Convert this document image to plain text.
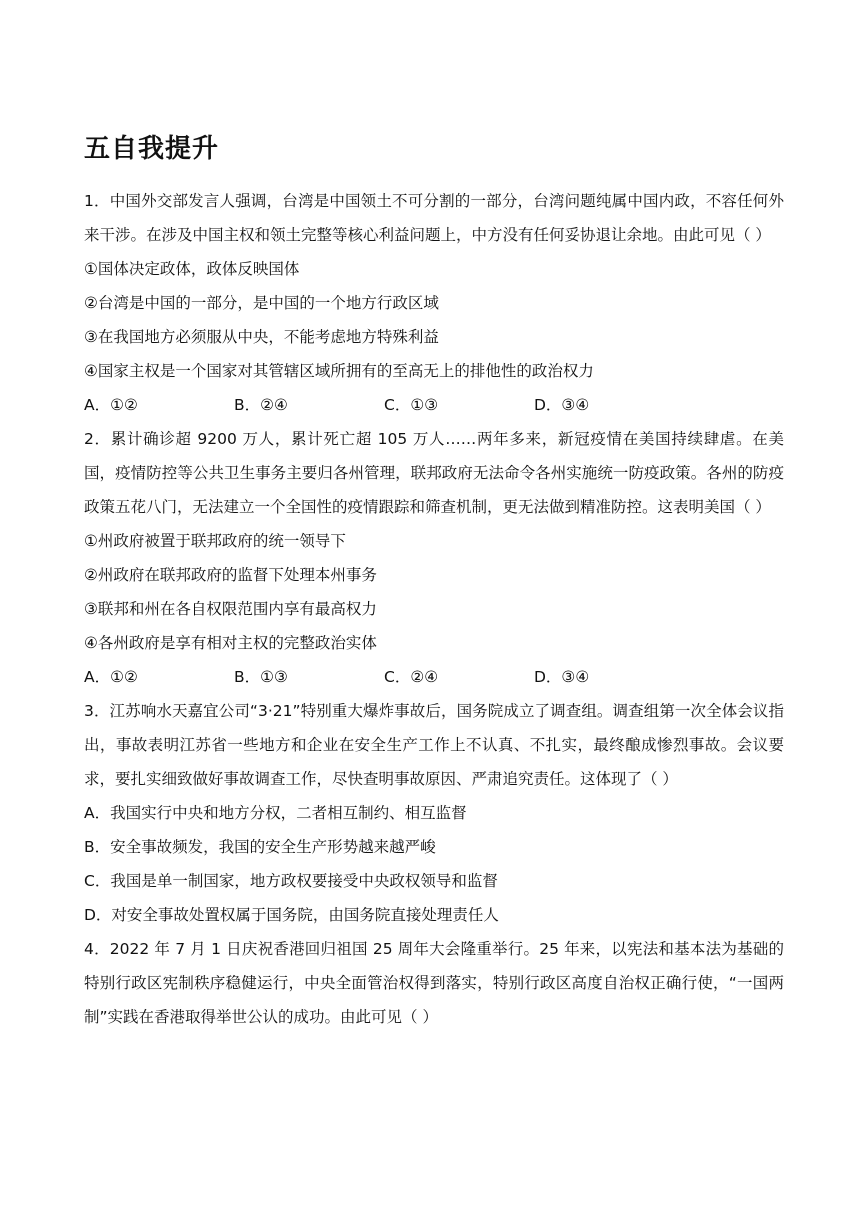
五自我提升
1．中国外交部发言人强调，台湾是中国领土不可分割的一部分，台湾问题纯属中国内政，不容任何外来干涉。在涉及中国主权和领土完整等核心利益问题上，中方没有任何妥协退让余地。由此可见（ ）
①国体决定政体，政体反映国体
②台湾是中国的一部分，是中国的一个地方行政区域
③在我国地方必须服从中央，不能考虑地方特殊利益
④国家主权是一个国家对其管辖区域所拥有的至高无上的排他性的政治权力
A．①②	B．②④	C．①③	D．③④
2．累计确诊超 9200 万人，累计死亡超 105 万人……两年多来，新冠疫情在美国持续肆虐。在美国，疫情防控等公共卫生事务主要归各州管理，联邦政府无法命令各州实施统一防疫政策。各州的防疫政策五花八门，无法建立一个全国性的疫情跟踪和筛查机制，更无法做到精准防控。这表明美国（ ）
①州政府被置于联邦政府的统一领导下
②州政府在联邦政府的监督下处理本州事务
③联邦和州在各自权限范围内享有最高权力
④各州政府是享有相对主权的完整政治实体
A．①②	B．①③	C．②④	D．③④
3．江苏响水天嘉宜公司“3·21”特别重大爆炸事故后，国务院成立了调查组。调查组第一次全体会议指出，事故表明江苏省一些地方和企业在安全生产工作上不认真、不扎实，最终酿成惨烈事故。会议要求，要扎实细致做好事故调查工作，尽快查明事故原因、严肃追究责任。这体现了（ ）
A．我国实行中央和地方分权，二者相互制约、相互监督
B．安全事故频发，我国的安全生产形势越来越严峻
C．我国是单一制国家，地方政权要接受中央政权领导和监督
D．对安全事故处置权属于国务院，由国务院直接处理责任人
4．2022 年 7 月 1 日庆祝香港回归祖国 25 周年大会隆重举行。25 年来，以宪法和基本法为基础的特别行政区宪制秩序稳健运行，中央全面管治权得到落实，特别行政区高度自治权正确行使，“一国两制”实践在香港取得举世公认的成功。由此可见（ ）
